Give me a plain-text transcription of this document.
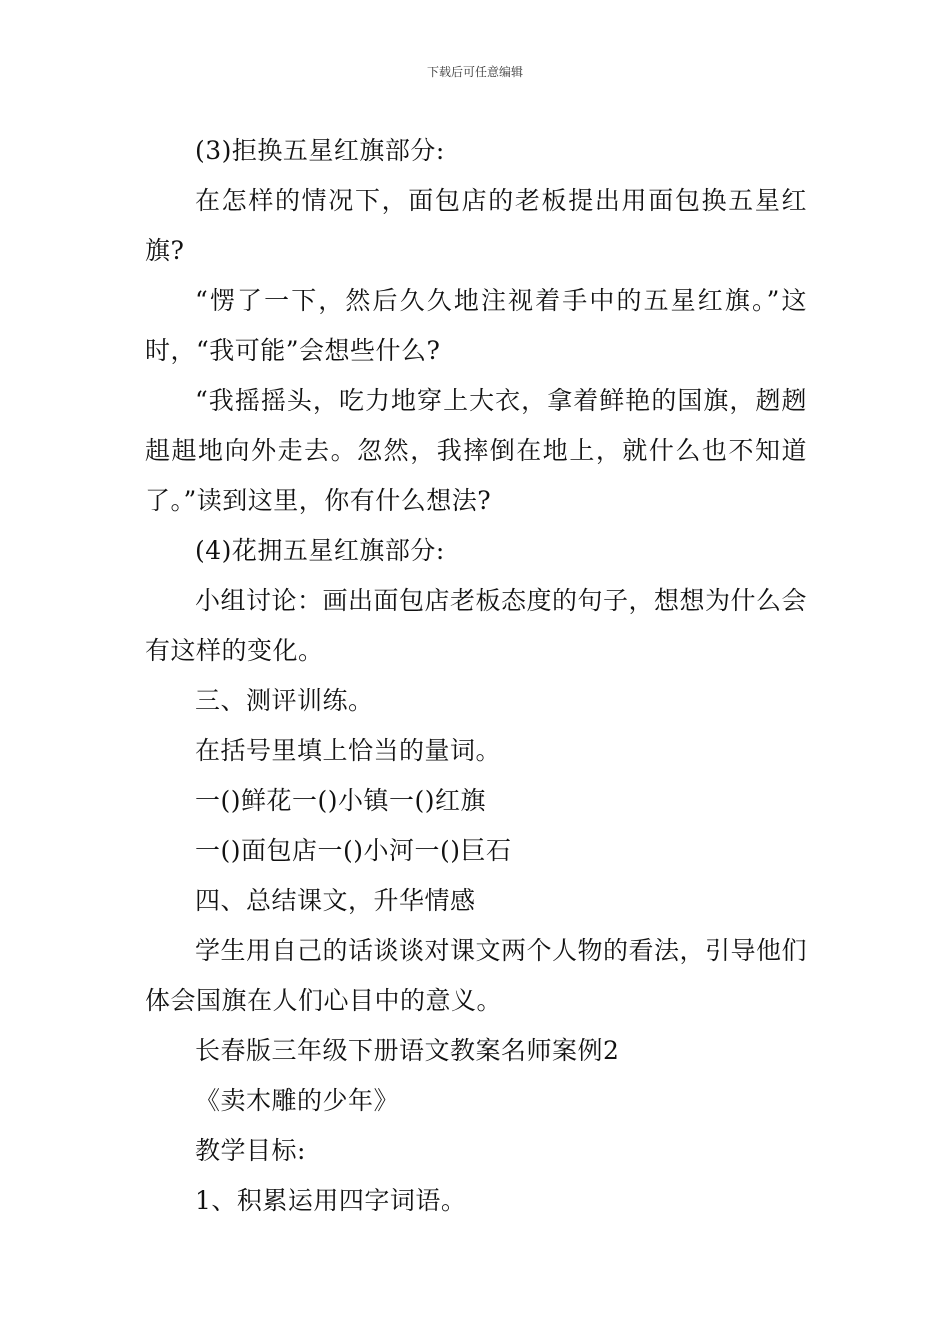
下载后可任意编辑

(3)拒换五星红旗部分:

在怎样的情况下，面包店的老板提出用面包换五星红旗?

“愣了一下，然后久久地注视着手中的五星红旗。”这时，“我可能”会想些什么?

“我摇摇头，吃力地穿上大衣，拿着鲜艳的国旗，趔趔趄趄地向外走去。忽然，我摔倒在地上，就什么也不知道了。”读到这里，你有什么想法?

(4)花拥五星红旗部分:

小组讨论：画出面包店老板态度的句子，想想为什么会有这样的变化。

三、测评训练。

在括号里填上恰当的量词。

一()鲜花一()小镇一()红旗

一()面包店一()小河一()巨石

四、总结课文，升华情感

学生用自己的话谈谈对课文两个人物的看法，引导他们体会国旗在人们心目中的意义。

长春版三年级下册语文教案名师案例2

《卖木雕的少年》

教学目标:

1、积累运用四字词语。
